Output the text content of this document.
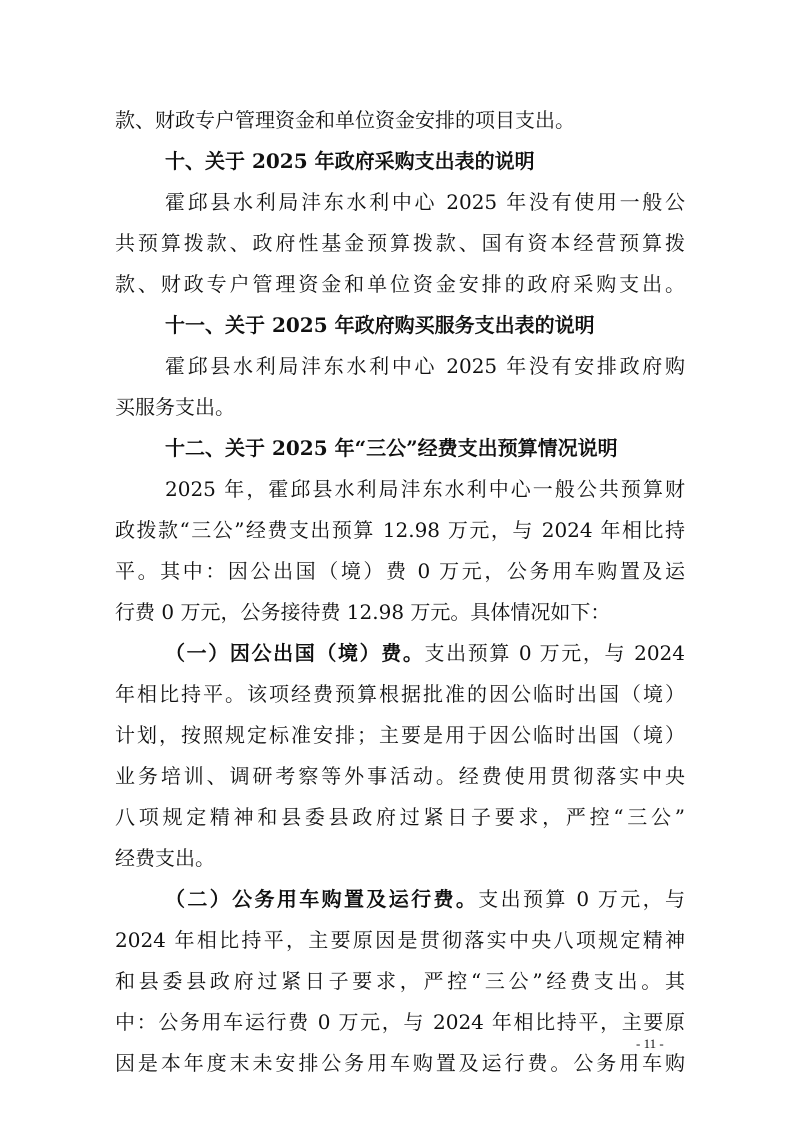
款、财政专户管理资金和单位资金安排的项目支出。
十、关于 2025 年政府采购支出表的说明
霍邱县水利局沣东水利中心 2025 年没有使用一般公
共预算拨款、政府性基金预算拨款、国有资本经营预算拨
款、财政专户管理资金和单位资金安排的政府采购支出。
十一、关于 2025 年政府购买服务支出表的说明
霍邱县水利局沣东水利中心 2025 年没有安排政府购
买服务支出。
十二、关于 2025 年“三公”经费支出预算情况说明
2025 年，霍邱县水利局沣东水利中心一般公共预算财
政拨款“三公”经费支出预算 12.98 万元，与 2024 年相比持
平。其中：因公出国（境）费 0 万元，公务用车购置及运
行费 0 万元，公务接待费 12.98 万元。具体情况如下：
（一）因公出国（境）费。支出预算 0 万元，与 2024
年相比持平。该项经费预算根据批准的因公临时出国（境）
计划，按照规定标准安排；主要是用于因公临时出国（境）
业务培训、调研考察等外事活动。经费使用贯彻落实中央
八项规定精神和县委县政府过紧日子要求，严控“三公”
经费支出。
（二）公务用车购置及运行费。支出预算 0 万元，与
2024 年相比持平，主要原因是贯彻落实中央八项规定精神
和县委县政府过紧日子要求，严控“三公”经费支出。其
中：公务用车运行费 0 万元，与 2024 年相比持平，主要原
因是本年度末未安排公务用车购置及运行费。公务用车购
- 11 -
